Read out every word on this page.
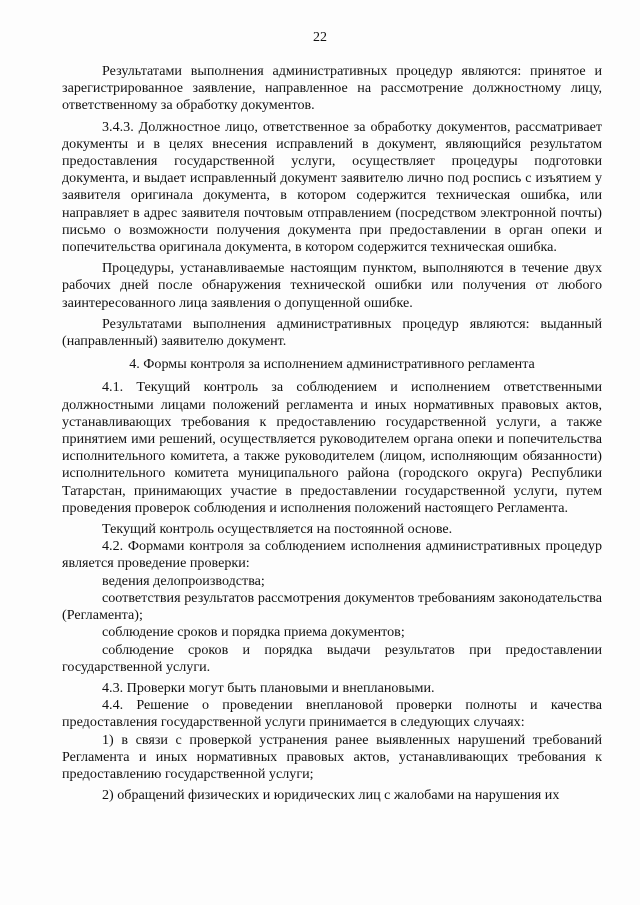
22

Результатами выполнения административных процедур являются: принятое и зарегистрированное заявление, направленное на рассмотрение должностному лицу, ответственному за обработку документов.

3.4.3. Должностное лицо, ответственное за обработку документов, рассматривает документы и в целях внесения исправлений в документ, являющийся результатом предоставления государственной услуги, осуществляет процедуры подготовки документа, и выдает исправленный документ заявителю лично под роспись с изъятием у заявителя оригинала документа, в котором содержится техническая ошибка, или направляет в адрес заявителя почтовым отправлением (посредством электронной почты) письмо о возможности получения документа при предоставлении в орган опеки и попечительства оригинала документа, в котором содержится техническая ошибка.

Процедуры, устанавливаемые настоящим пунктом, выполняются в течение двух рабочих дней после обнаружения технической ошибки или получения от любого заинтересованного лица заявления о допущенной ошибке.

Результатами выполнения административных процедур являются: выданный (направленный) заявителю документ.

4. Формы контроля за исполнением административного регламента

4.1. Текущий контроль за соблюдением и исполнением ответственными должностными лицами положений регламента и иных нормативных правовых актов, устанавливающих требования к предоставлению государственной услуги, а также принятием ими решений, осуществляется руководителем органа опеки и попечительства исполнительного комитета, а также руководителем (лицом, исполняющим обязанности) исполнительного комитета муниципального района (городского округа) Республики Татарстан, принимающих участие в предоставлении государственной услуги, путем проведения проверок соблюдения и исполнения положений настоящего Регламента.

Текущий контроль осуществляется на постоянной основе.

4.2. Формами контроля за соблюдением исполнения административных процедур является проведение проверки:

ведения делопроизводства;

соответствия результатов рассмотрения документов требованиям законодательства (Регламента);

соблюдение сроков и порядка приема документов;

соблюдение сроков и порядка выдачи результатов при предоставлении государственной услуги.

4.3. Проверки могут быть плановыми и внеплановыми.

4.4. Решение о проведении внеплановой проверки полноты и качества предоставления государственной услуги принимается в следующих случаях:

1) в связи с проверкой устранения ранее выявленных нарушений требований Регламента и иных нормативных правовых актов, устанавливающих требования к предоставлению государственной услуги;

2) обращений физических и юридических лиц с жалобами на нарушения их
